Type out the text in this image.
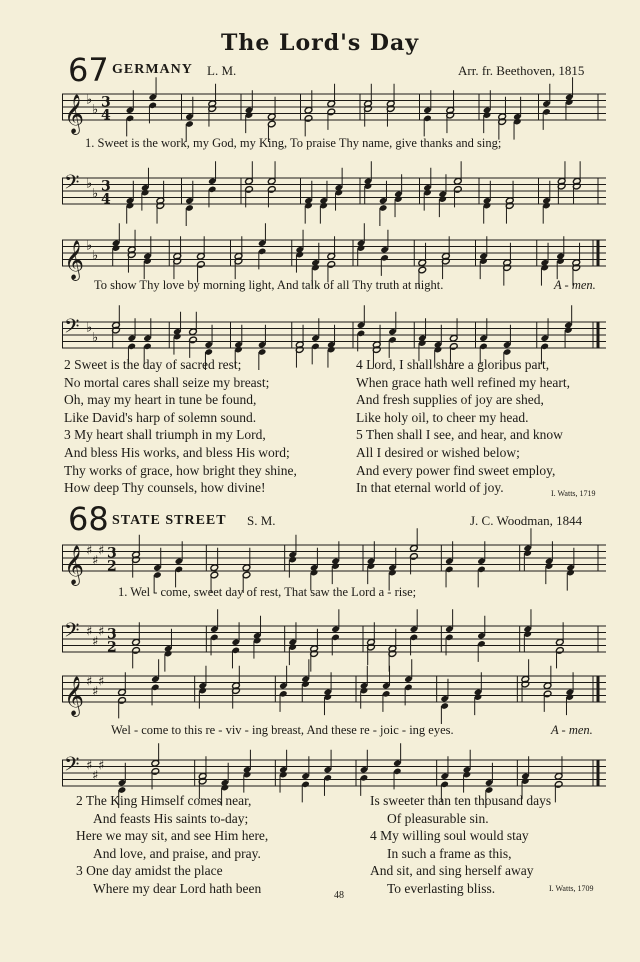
The Lord's Day
67 GERMANY L. M.	Arr. fr. Beethoven, 1815
𝄞 ♭
♭ 3
4
1. Sweet is the work, my God, my King, To praise Thy name, give thanks and sing;
𝄢 ♭
♭ 3
4
𝄞 ♭
♭
To show Thy love by morning light, And talk of all Thy truth at night.	A - men.
𝄢 ♭
♭
2 Sweet is the day of sacred rest;
No mortal cares shall seize my breast;
Oh, may my heart in tune be found,
Like David's harp of solemn sound.
3 My heart shall triumph in my Lord,
And bless His works, and bless His word;
Thy works of grace, how bright they shine,
How deep Thy counsels, how divine!
4 Lord, I shall share a glorious part,
When grace hath well refined my heart,
And fresh supplies of joy are shed,
Like holy oil, to cheer my head.
5 Then shall I see, and hear, and know
All I desired or wished below;
And every power find sweet employ,
In that eternal world of joy.	I. Watts, 1719
68 STATE STREET S. M.	J. C. Woodman, 1844
𝄞 ♯
♯
♯ 3
2
1. Wel - come, sweet day of rest, That saw the Lord a - rise;
𝄢 ♯
♯
♯ 3
2
𝄞 ♯
♯
♯
Wel - come to this re - viv - ing breast, And these re - joic - ing eyes.	A - men.
𝄢 ♯
♯
♯
2 The King Himself comes near,
And feasts His saints to-day;
Here we may sit, and see Him here,
And love, and praise, and pray.
3 One day amidst the place
Where my dear Lord hath been
Is sweeter than ten thousand days
Of pleasurable sin.
4 My willing soul would stay
In such a frame as this,
And sit, and sing herself away
To everlasting bliss.	I. Watts, 1709
48
